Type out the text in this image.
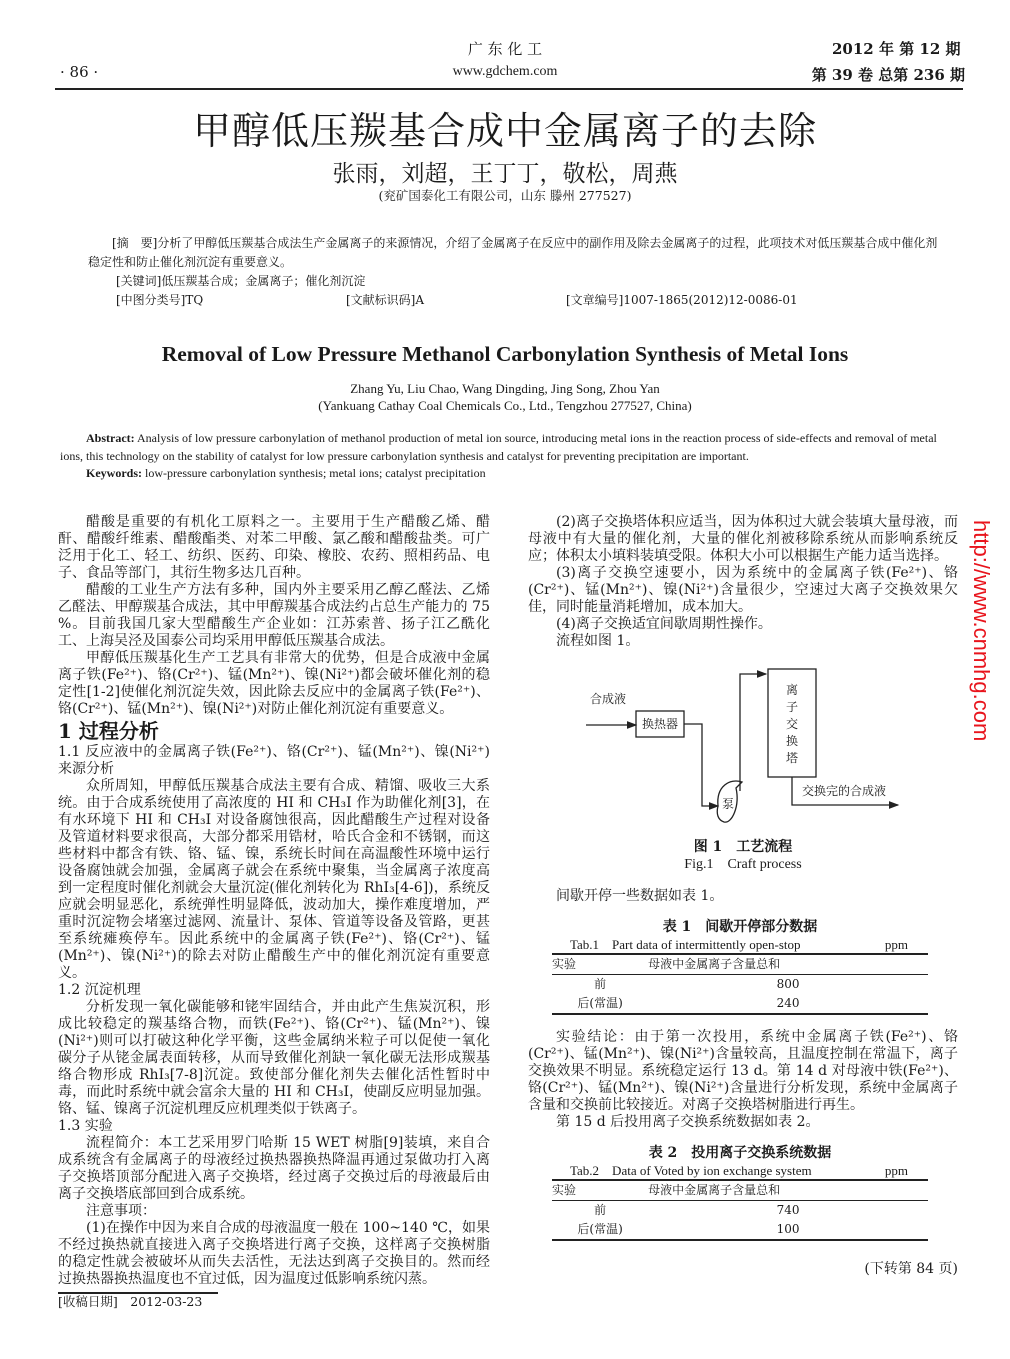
广 东 化 工
www.gdchem.com
· 86 ·
2012 年 第 12 期
第 39 卷 总第 236 期
甲醇低压羰基合成中金属离子的去除
张雨，刘超，王丁丁，敬松，周燕
(兖矿国泰化工有限公司，山东 滕州 277527)
[摘　要]分析了甲醇低压羰基合成法生产金属离子的来源情况，介绍了金属离子在反应中的副作用及除去金属离子的过程，此项技术对低压羰基合成中催化剂稳定性和防止催化剂沉淀有重要意义。
[关键词]低压羰基合成；金属离子；催化剂沉淀
[中图分类号]TQ	[文献标识码]A	[文章编号]1007-1865(2012)12-0086-01
Removal of Low Pressure Methanol Carbonylation Synthesis of Metal Ions
Zhang Yu, Liu Chao, Wang Dingding, Jing Song, Zhou Yan
(Yankuang Cathay Coal Chemicals Co., Ltd., Tengzhou 277527, China)
Abstract: Analysis of low pressure carbonylation of methanol production of metal ion source, introducing metal ions in the reaction process of side-effects and removal of metal ions, this technology on the stability of catalyst for low pressure carbonylation synthesis and catalyst for preventing precipitation are important.
Keywords: low-pressure carbonylation synthesis; metal ions; catalyst precipitation

醋酸是重要的有机化工原料之一。主要用于生产醋酸乙烯、醋酐、醋酸纤维素、醋酸酯类、对苯二甲酸、氯乙酸和醋酸盐类。可广泛用于化工、轻工、纺织、医药、印染、橡胶、农药、照相药品、电子、食品等部门，其衍生物多达几百种。

醋酸的工业生产方法有多种，国内外主要采用乙醇乙醛法、乙烯乙醛法、甲醇羰基合成法，其中甲醇羰基合成法约占总生产能力的 75 %。目前我国几家大型醋酸生产企业如：江苏索普、扬子江乙酰化工、上海吴泾及国泰公司均采用甲醇低压羰基合成法。

甲醇低压羰基化生产工艺具有非常大的优势，但是合成液中金属离子铁(Fe²⁺)、铬(Cr²⁺)、锰(Mn²⁺)、镍(Ni²⁺)都会破坏催化剂的稳定性[1-2]使催化剂沉淀失效，因此除去反应中的金属离子铁(Fe²⁺)、铬(Cr²⁺)、锰(Mn²⁺)、镍(Ni²⁺)对防止催化剂沉淀有重要意义。

1 过程分析

1.1 反应液中的金属离子铁(Fe²⁺)、铬(Cr²⁺)、锰(Mn²⁺)、镍(Ni²⁺)来源分析

众所周知，甲醇低压羰基合成法主要有合成、精馏、吸收三大系统。由于合成系统使用了高浓度的 HI 和 CH₃I 作为助催化剂[3]，在有水环境下 HI 和 CH₃I 对设备腐蚀很高，因此醋酸生产过程对设备及管道材料要求很高，大部分都采用锆材，哈氏合金和不锈钢，而这些材料中都含有铁、铬、锰、镍，系统长时间在高温酸性环境中运行设备腐蚀就会加强，金属离子就会在系统中聚集，当金属离子浓度高到一定程度时催化剂就会大量沉淀(催化剂转化为 RhI₃[4-6])，系统反应就会明显恶化，系统弹性明显降低，波动加大，操作难度增加，严重时沉淀物会堵塞过滤网、流量计、泵体、管道等设备及管路，更甚至系统瘫痪停车。因此系统中的金属离子铁(Fe²⁺)、铬(Cr²⁺)、锰(Mn²⁺)、镍(Ni²⁺)的除去对防止醋酸生产中的催化剂沉淀有重要意义。

1.2 沉淀机理

分析发现一氧化碳能够和铑牢固结合，并由此产生焦炭沉积，形成比较稳定的羰基络合物，而铁(Fe²⁺)、铬(Cr²⁺)、锰(Mn²⁺)、镍(Ni²⁺)则可以打破这种化学平衡，这些金属纳米粒子可以促使一氧化碳分子从铑金属表面转移，从而导致催化剂缺一氧化碳无法形成羰基络合物形成 RhI₃[7-8]沉淀。致使部分催化剂失去催化活性暂时中毒，而此时系统中就会富余大量的 HI 和 CH₃I，使副反应明显加强。铬、锰、镍离子沉淀机理反应机理类似于铁离子。

1.3 实验

流程简介：本工艺采用罗门哈斯 15 WET 树脂[9]装填，来自合成系统含有金属离子的母液经过换热器换热降温再通过泵做功打入离子交换塔顶部分配进入离子交换塔，经过离子交换过后的母液最后由离子交换塔底部回到合成系统。

注意事项：

(1)在操作中因为来自合成的母液温度一般在 100~140 ℃，如果不经过换热就直接进入离子交换塔进行离子交换，这样离子交换树脂的稳定性就会被破坏从而失去活性，无法达到离子交换目的。然而经过换热器换热温度也不宜过低，因为温度过低影响系统闪蒸。

[收稿日期]　2012-03-23

(2)离子交换塔体积应适当，因为体积过大就会装填大量母液，而母液中有大量的催化剂，大量的催化剂被移除系统从而影响系统反应；体积太小填料装填受限。体积大小可以根据生产能力适当选择。

(3)离子交换空速要小，因为系统中的金属离子铁(Fe²⁺)、铬(Cr²⁺)、锰(Mn²⁺)、镍(Ni²⁺)含量很少，空速过大离子交换效果欠佳，同时能量消耗增加，成本加大。

(4)离子交换适宜间歇周期性操作。

流程如图 1。

合成液
换热器
泵
离
子
交
换
塔
交换完的合成液
图 1　工艺流程
Fig.1　Craft process

间歇开停一些数据如表 1。

表 1　间歇开停部分数据
Tab.1　Part data of intermittently open-stop	ppm
实验	母液中金属离子含量总和
前	800
后(常温)	240

实验结论：由于第一次投用，系统中金属离子铁(Fe²⁺)、铬(Cr²⁺)、锰(Mn²⁺)、镍(Ni²⁺)含量较高，且温度控制在常温下，离子交换效果不明显。系统稳定运行 13 d。第 14 d 对母液中铁(Fe²⁺)、铬(Cr²⁺)、锰(Mn²⁺)、镍(Ni²⁺)含量进行分析发现，系统中金属离子含量和交换前比较接近。对离子交换塔树脂进行再生。

第 15 d 后投用离子交换系统数据如表 2。

表 2　投用离子交换系统数据
Tab.2　Data of Voted by ion exchange system	ppm
实验	母液中金属离子含量总和
前	740
后(常温)	100
(下转第 84 页)
http://www.cnmhg.com
